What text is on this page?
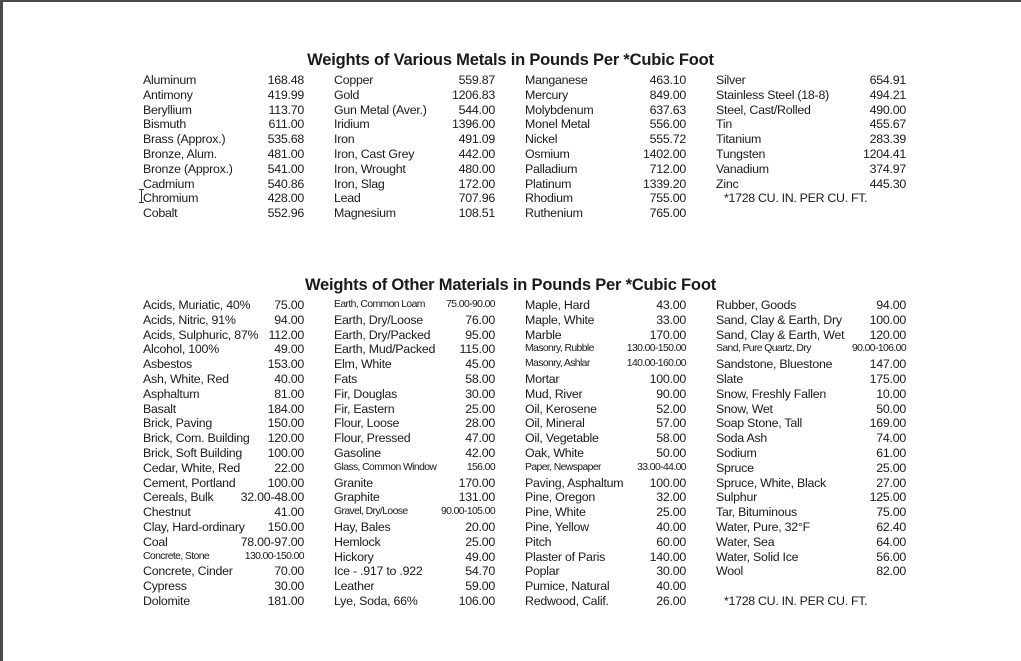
Weights of Various Metals in Pounds Per *Cubic Foot
Aluminum	168.48
Antimony	419.99
Beryllium	113.70
Bismuth	611.00
Brass (Approx.)	535.68
Bronze, Alum.	481.00
Bronze (Approx.)	541.00
Cadmium	540.86
Chromium	428.00
Cobalt	552.96
Copper	559.87
Gold	1206.83
Gun Metal (Aver.)	544.00
Iridium	1396.00
Iron	491.09
Iron, Cast Grey	442.00
Iron, Wrought	480.00
Iron, Slag	172.00
Lead	707.96
Magnesium	108.51
Manganese	463.10
Mercury	849.00
Molybdenum	637.63
Monel Metal	556.00
Nickel	555.72
Osmium	1402.00
Palladium	712.00
Platinum	1339.20
Rhodium	755.00
Ruthenium	765.00
Silver	654.91
Stainless Steel (18-8)	494.21
Steel, Cast/Rolled	490.00
Tin	455.67
Titanium	283.39
Tungsten	1204.41
Vanadium	374.97
Zinc	445.30
*1728 CU. IN. PER CU. FT.
Weights of Other Materials in Pounds Per *Cubic Foot
Acids, Muriatic, 40% 75.00
Acids, Nitric, 91%	94.00
Acids, Sulphuric, 87% 112.00
Alcohol, 100%	49.00
Asbestos	153.00
Ash, White, Red	40.00
Asphaltum	81.00
Basalt	184.00
Brick, Paving	150.00
Brick, Com. Building 120.00
Brick, Soft Building 100.00
Cedar, White, Red	22.00
Cement, Portland	100.00
Cereals, Bulk 32.00-48.00
Chestnut	41.00
Clay, Hard-ordinary 150.00
Coal	78.00-97.00
Concrete, Stone	130.00-150.00
Concrete, Cinder	70.00
Cypress	30.00
Dolomite	181.00
Earth, Common Loam 75.00-90.00
Earth, Dry/Loose	76.00
Earth, Dry/Packed	95.00
Earth, Mud/Packed 115.00
Elm, White	45.00
Fats	58.00
Fir, Douglas	30.00
Fir, Eastern	25.00
Flour, Loose	28.00
Flour, Pressed	47.00
Gasoline	42.00
Glass, Common Window	156.00
Granite	170.00
Graphite	131.00
Gravel, Dry/Loose	90.00-105.00
Hay, Bales	20.00
Hemlock	25.00
Hickory	49.00
Ice - .917 to .922	54.70
Leather	59.00
Lye, Soda, 66%	106.00
Maple, Hard	43.00
Maple, White	33.00
Marble	170.00
Masonry, Rubble	130.00-150.00
Masonry, Ashlar	140.00-160.00
Mortar	100.00
Mud, River	90.00
Oil, Kerosene	52.00
Oil, Mineral	57.00
Oil, Vegetable	58.00
Oak, White	50.00
Paper, Newspaper	33.00-44.00
Paving, Asphaltum 100.00
Pine, Oregon	32.00
Pine, White	25.00
Pine, Yellow	40.00
Pitch	60.00
Plaster of Paris	140.00
Poplar	30.00
Pumice, Natural	40.00
Redwood, Calif.	26.00
Rubber, Goods	94.00
Sand, Clay & Earth, Dry 100.00
Sand, Clay & Earth, Wet 120.00
Sand, Pure Quartz, Dry	90.00-106.00
Sandstone, Bluestone	147.00
Slate	175.00
Snow, Freshly Fallen	10.00
Snow, Wet	50.00
Soap Stone, Tall	169.00
Soda Ash	74.00
Sodium	61.00
Spruce	25.00
Spruce, White, Black	27.00
Sulphur	125.00
Tar, Bituminous	75.00
Water, Pure, 32°F	62.40
Water, Sea	64.00
Water, Solid Ice	56.00
Wool	82.00
*1728 CU. IN. PER CU. FT.
